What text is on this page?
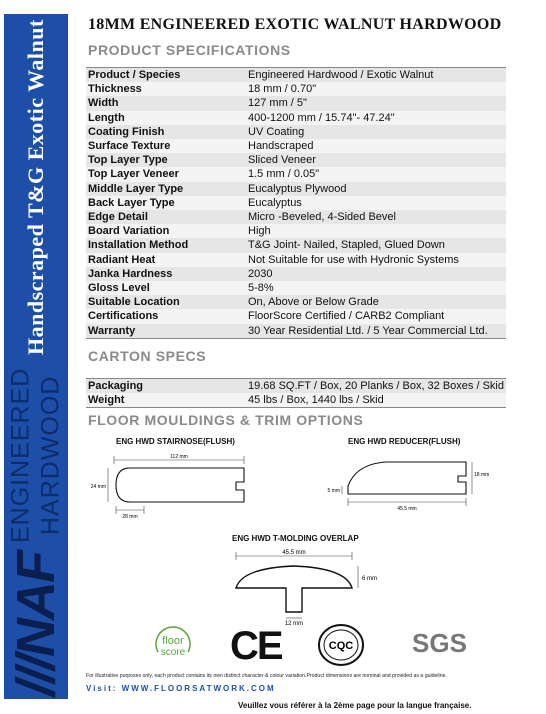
Handscraped T&G Exotic Walnut
ENGINEERED HARDWOOD
///NAF
18MM ENGINEERED EXOTIC WALNUT HARDWOOD
PRODUCT SPECIFICATIONS
Product / Species	Engineered Hardwood / Exotic Walnut
Thickness	18 mm / 0.70"
Width	127 mm / 5"
Length	400-1200 mm / 15.74"- 47.24"
Coating Finish	UV Coating
Surface Texture	Handscraped
Top Layer Type	Sliced Veneer
Top Layer Veneer	1.5 mm / 0.05"
Middle Layer Type	Eucalyptus Plywood
Back Layer Type	Eucalyptus
Edge Detail	Micro -Beveled, 4-Sided Bevel
Board Variation	High
Installation Method	T&G Joint- Nailed, Stapled, Glued Down
Radiant Heat	Not Suitable for use with Hydronic Systems
Janka Hardness	2030
Gloss Level	5-8%
Suitable Location	On, Above or Below Grade
Certifications	FloorScore Certified / CARB2 Compliant
Warranty	30 Year Residential Ltd. / 5 Year Commercial Ltd.
CARTON SPECS
Packaging	19.68 SQ.FT / Box, 20 Planks / Box, 32 Boxes / Skid
Weight	45 lbs / Box, 1440 lbs / Skid
FLOOR MOULDINGS & TRIM OPTIONS
ENG HWD STAIRNOSE(FLUSH)
112 mm
24 mm
28 mm
ENG HWD REDUCER(FLUSH)
18 mm
5 mm
45.5 mm
ENG HWD T-MOLDING OVERLAP
45.5 mm
6 mm
12 mm
floor
score CE	CQC SGS
For illustrative purposes only, each product contains its own distinct character & colour variation.Product dimensions are nominal and provided as a guideline.
Visit: WWW.FLOORSATWORK.COM
Veuillez vous référer à la 2ème page pour la langue française.
